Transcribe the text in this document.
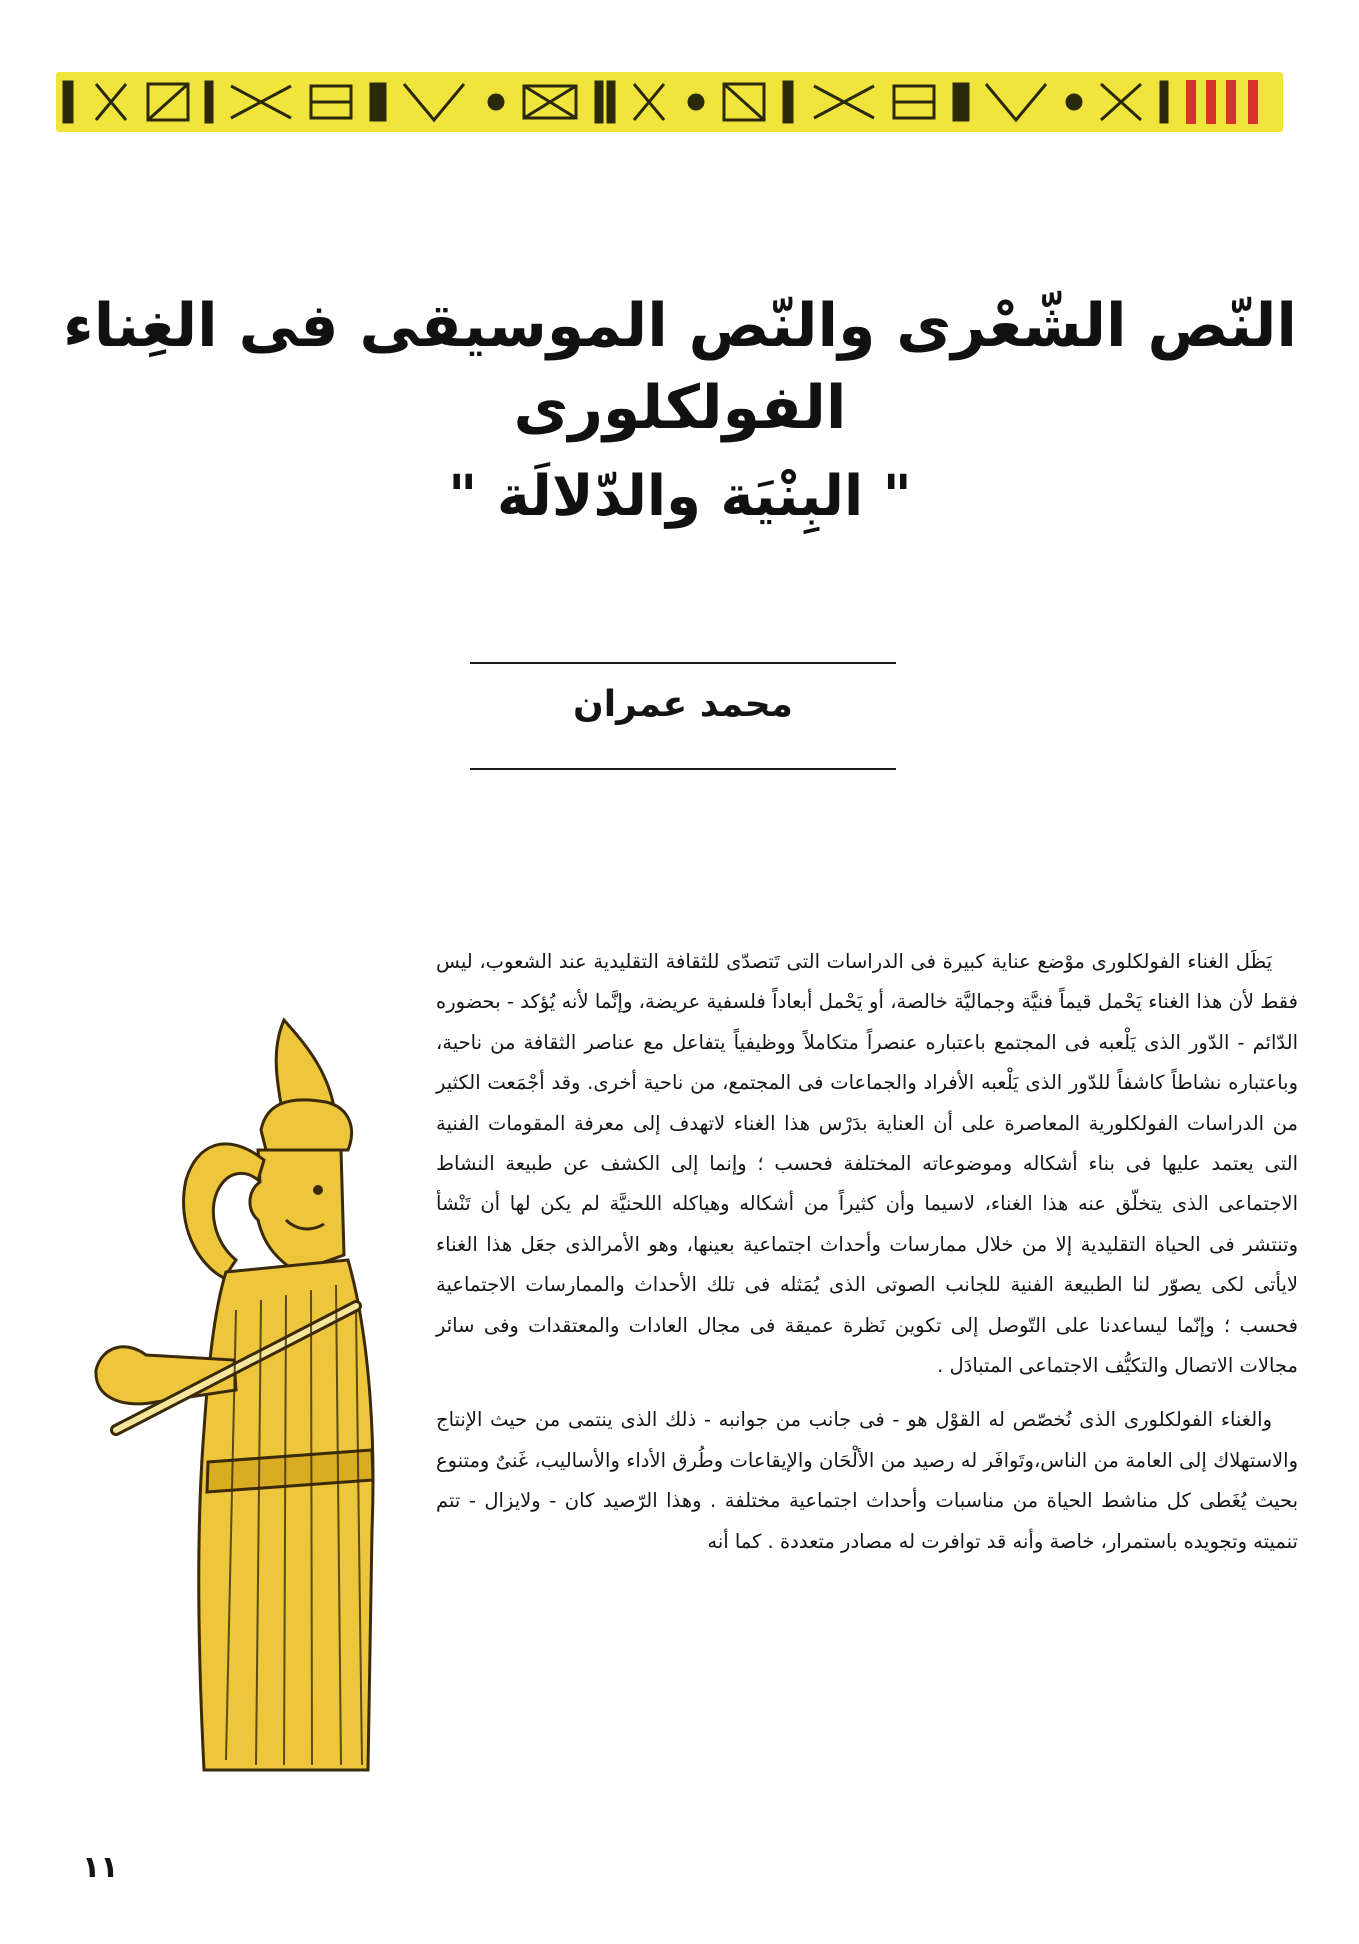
النّص الشّعْرى والنّص الموسيقى فى الغِناء الفولكلورى
" البِنْيَة والدّلالَة "
محمد عمران

يَظَل الغناء الفولكلورى موْضع عناية كبيرة فى الدراسات التى تَتصدّى للثقافة التقليدية عند الشعوب، ليس فقط لأن هذا الغناء يَحْمل قيماً فنيَّة وجماليَّة خالصة، أو يَحْمل أبعاداً فلسفية عريضة، وإنَّما لأنه يُؤكد - بحضوره الدّائم - الدّور الذى يَلْعبه فى المجتمع باعتباره عنصراً متكاملاً ووظيفياً يتفاعل مع عناصر الثقافة من ناحية، وباعتباره نشاطاً كاشفاً للدّور الذى يَلْعبه الأفراد والجماعات فى المجتمع، من ناحية أخرى. وقد أجْمَعت الكثير من الدراسات الفولكلورية المعاصرة على أن العناية بدَرْس هذا الغناء لاتهدف إلى معرفة المقومات الفنية التى يعتمد عليها فى بناء أشكاله وموضوعاته المختلفة فحسب ؛ وإنما إلى الكشف عن طبيعة النشاط الاجتماعى الذى يتخلّق عنه هذا الغناء، لاسيما وأن كثيراً من أشكاله وهياكله اللحنيَّة لم يكن لها أن تَنْشأ وتنتشر فى الحياة التقليدية إلا من خلال ممارسات وأحداث اجتماعية بعينها، وهو الأمرالذى جعَل هذا الغناء لايأتى لكى يصوّر لنا الطبيعة الفنية للجانب الصوتى الذى يُمَثله فى تلك الأحداث والممارسات الاجتماعية فحسب ؛ وإنّما ليساعدنا على التّوصل إلى تكوين نَظرة عميقة فى مجال العادات والمعتقدات وفى سائر مجالات الاتصال والتكيُّف الاجتماعى المتبادَل .

والغناء الفولكلورى الذى نُخصّص له القوْل هو - فى جانب من جوانبه - ذلك الذى ينتمى من حيث الإنتاج والاستهلاك إلى العامة من الناس،وتَوافَر له رصيد من الألْحَان والإيقاعات وطُرق الأداء والأساليب، غَنىٌ ومتنوع بحيث يُغَطى كل مناشط الحياة من مناسبات وأحداث اجتماعية مختلفة . وهذا الرّصيد كان - ولايزال - تتم تنميته وتجويده باستمرار، خاصة وأنه قد توافرت له مصادر متعددة . كما أنه

١١
